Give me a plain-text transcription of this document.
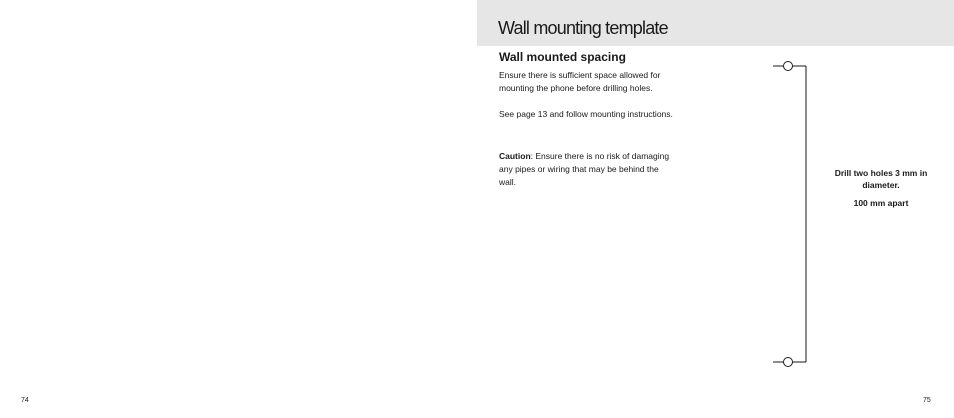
74
Wall mounting template
Wall mounted spacing

Ensure there is sufficient space allowed for mounting the phone before drilling holes.

See page 13 and follow mounting instructions.

Caution: Ensure there is no risk of damaging any pipes or wiring that may be behind the wall.

Drill two holes 3 mm in diameter.
100 mm apart
75
